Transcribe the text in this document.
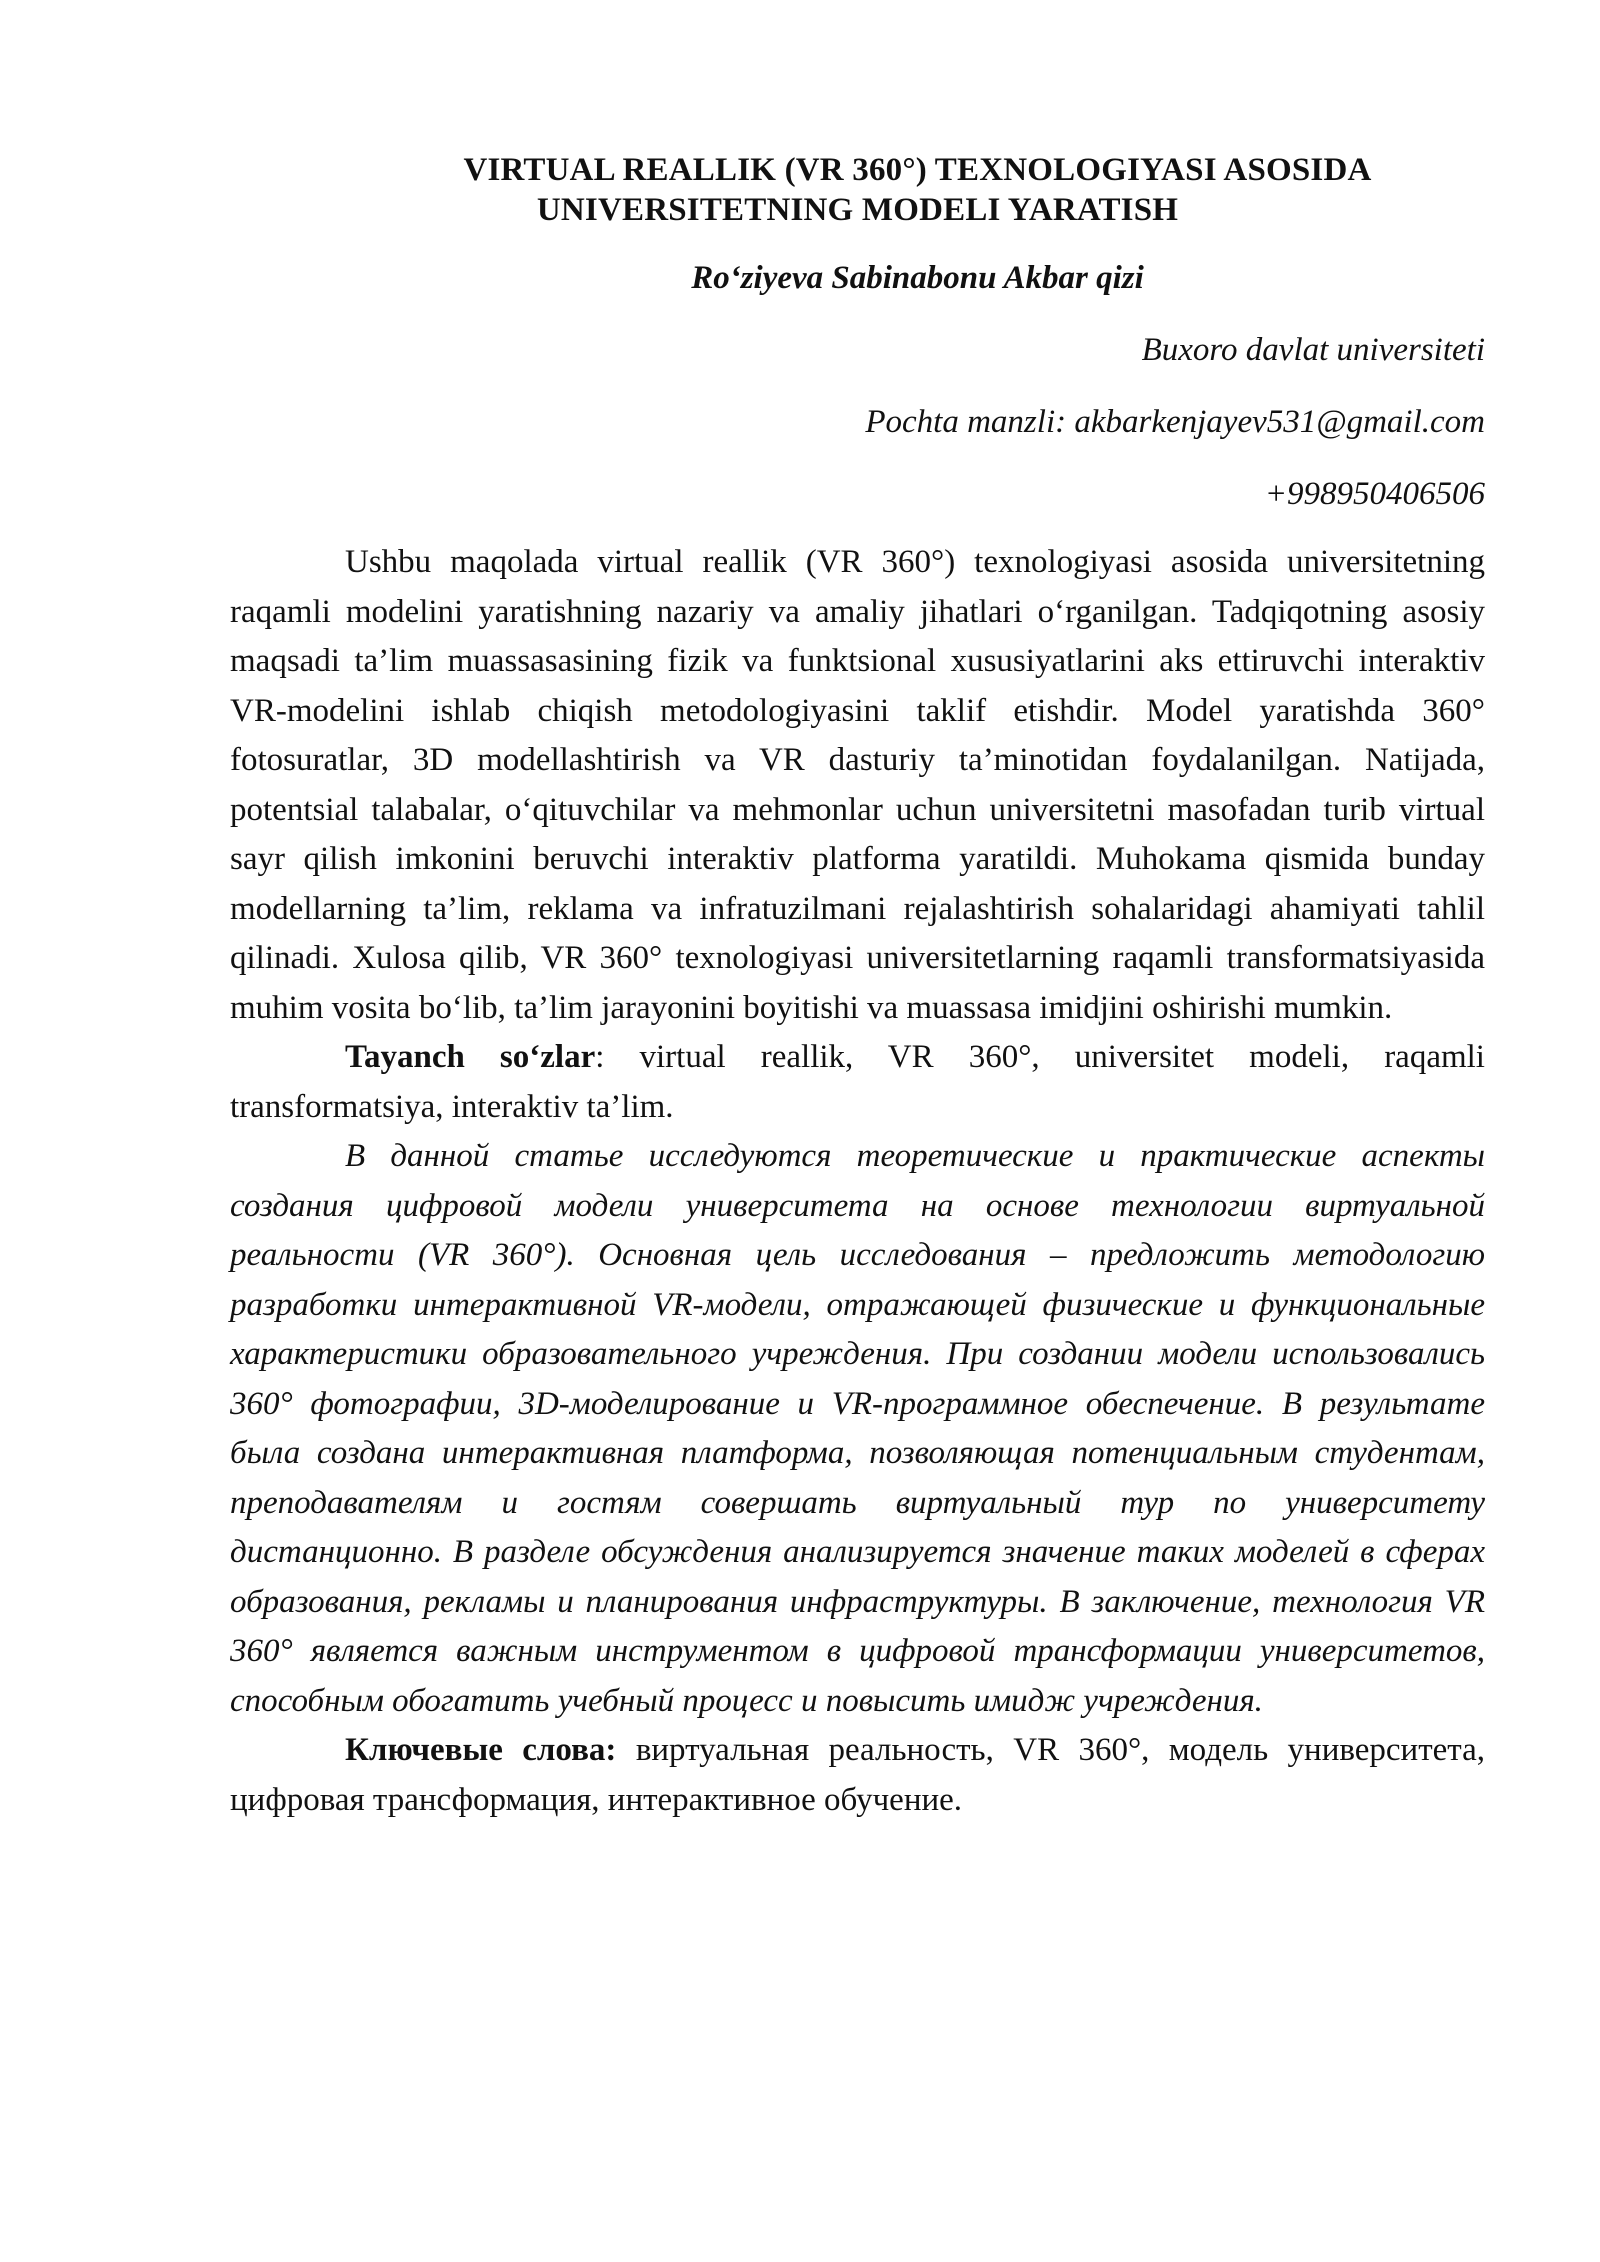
VIRTUAL REALLIK (VR 360°) TEXNOLOGIYASI ASOSIDA
UNIVERSITETNING MODELI YARATISH

Ro‘ziyeva Sabinabonu Akbar qizi

Buxoro davlat universiteti

Pochta manzli: akbarkenjayev531@gmail.com

+998950406506

Ushbu maqolada virtual reallik (VR 360°) texnologiyasi asosida universitetning raqamli modelini yaratishning nazariy va amaliy jihatlari o‘rganilgan. Tadqiqotning asosiy maqsadi ta’lim muassasasining fizik va funktsional xususiyatlarini aks ettiruvchi interaktiv VR-modelini ishlab chiqish metodologiyasini taklif etishdir. Model yaratishda 360° fotosuratlar, 3D modellashtirish va VR dasturiy ta’minotidan foydalanilgan. Natijada, potentsial talabalar, o‘qituvchilar va mehmonlar uchun universitetni masofadan turib virtual sayr qilish imkonini beruvchi interaktiv platforma yaratildi. Muhokama qismida bunday modellarning ta’lim, reklama va infratuzilmani rejalashtirish sohalaridagi ahamiyati tahlil qilinadi. Xulosa qilib, VR 360° texnologiyasi universitetlarning raqamli transformatsiyasida muhim vosita bo‘lib, ta’lim jarayonini boyitishi va muassasa imidjini oshirishi mumkin.

Tayanch so‘zlar: virtual reallik, VR 360°, universitet modeli, raqamli transformatsiya, interaktiv ta’lim.

В данной статье исследуются теоретические и практические аспекты создания цифровой модели университета на основе технологии виртуальной реальности (VR 360°). Основная цель исследования – предложить методологию разработки интерактивной VR-модели, отражающей физические и функциональные характеристики образовательного учреждения. При создании модели использовались 360° фотографии, 3D-моделирование и VR-программное обеспечение. В результате была создана интерактивная платформа, позволяющая потенциальным студентам, преподавателям и гостям совершать виртуальный тур по университету дистанционно. В разделе обсуждения анализируется значение таких моделей в сферах образования, рекламы и планирования инфраструктуры. В заключение, технология VR 360° является важным инструментом в цифровой трансформации университетов, способным обогатить учебный процесс и повысить имидж учреждения.

Ключевые слова: виртуальная реальность, VR 360°, модель университета, цифровая трансформация, интерактивное обучение.
